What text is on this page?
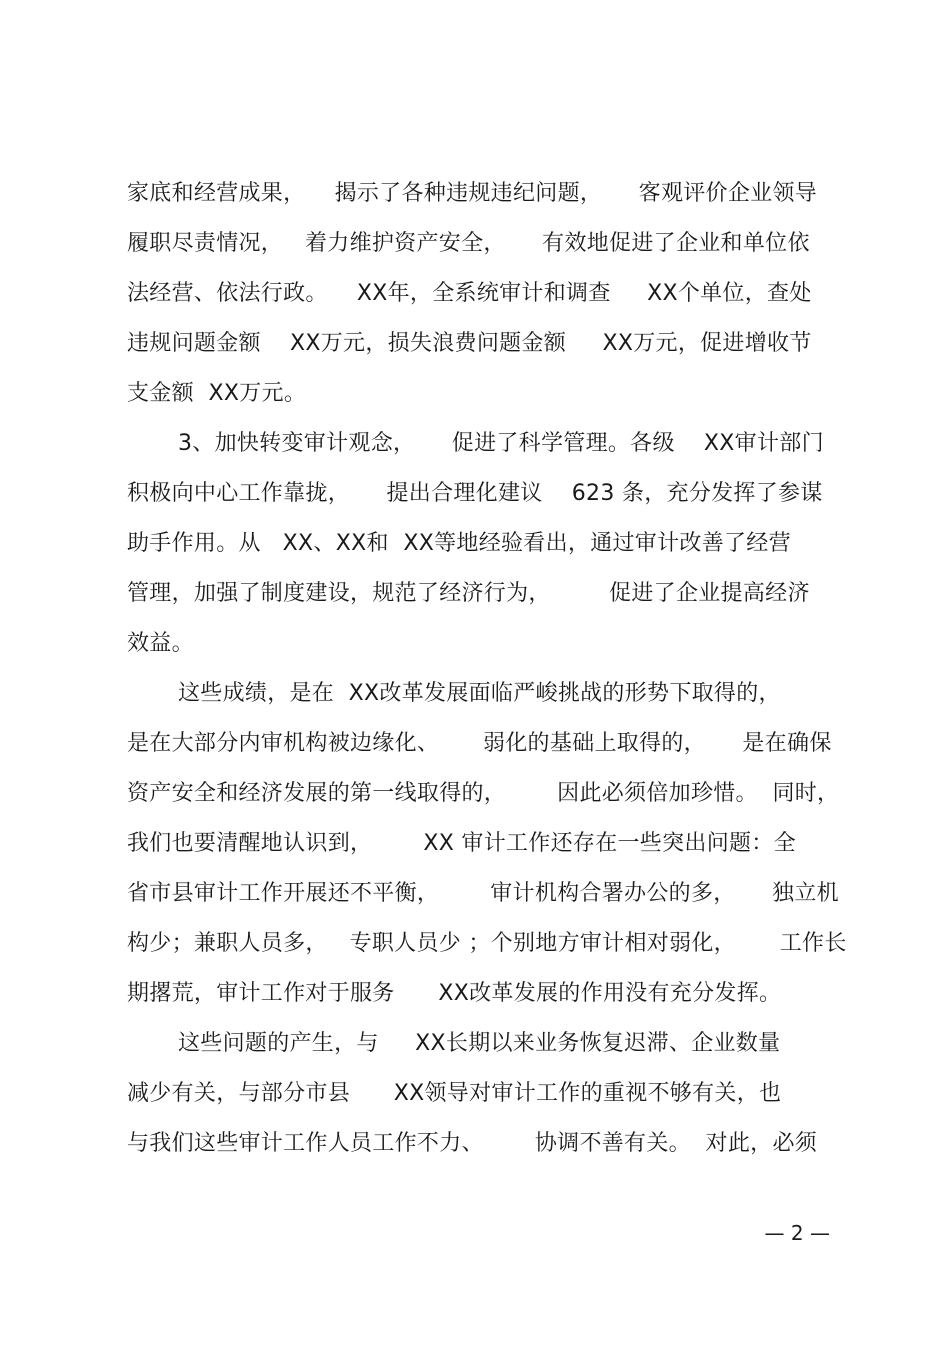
家底和经营成果，    揭示了各种违规违纪问题，     客观评价企业领导
履职尽责情况，   着力维护资产安全，     有效地促进了企业和单位依
法经营、依法行政。    XX年，全系统审计和调查     XX个单位，查处
违规问题金额    XX万元，损失浪费问题金额     XX万元，促进增收节
支金额  XX万元。
3、加快转变审计观念，     促进了科学管理。各级    XX审计部门
积极向中心工作靠拢，     提出合理化建议    623 条，充分发挥了参谋
助手作用。从   XX、XX和  XX等地经验看出，通过审计改善了经营
管理，加强了制度建设，规范了经济行为，        促进了企业提高经济
效益。
这些成绩，是在  XX改革发展面临严峻挑战的形势下取得的，
是在大部分内审机构被边缘化、      弱化的基础上取得的，     是在确保
资产安全和经济发展的第一线取得的，       因此必须倍加珍惜。  同时，
我们也要清醒地认识到，       XX 审计工作还存在一些突出问题：全
省市县审计工作开展还不平衡，       审计机构合署办公的多，     独立机
构少；兼职人员多，   专职人员少 ；个别地方审计相对弱化，      工作长
期撂荒，审计工作对于服务      XX改革发展的作用没有充分发挥。
这些问题的产生，与     XX长期以来业务恢复迟滞、企业数量
减少有关，与部分市县      XX领导对审计工作的重视不够有关，也
与我们这些审计工作人员工作不力、       协调不善有关。  对此，必须
— 2 —
